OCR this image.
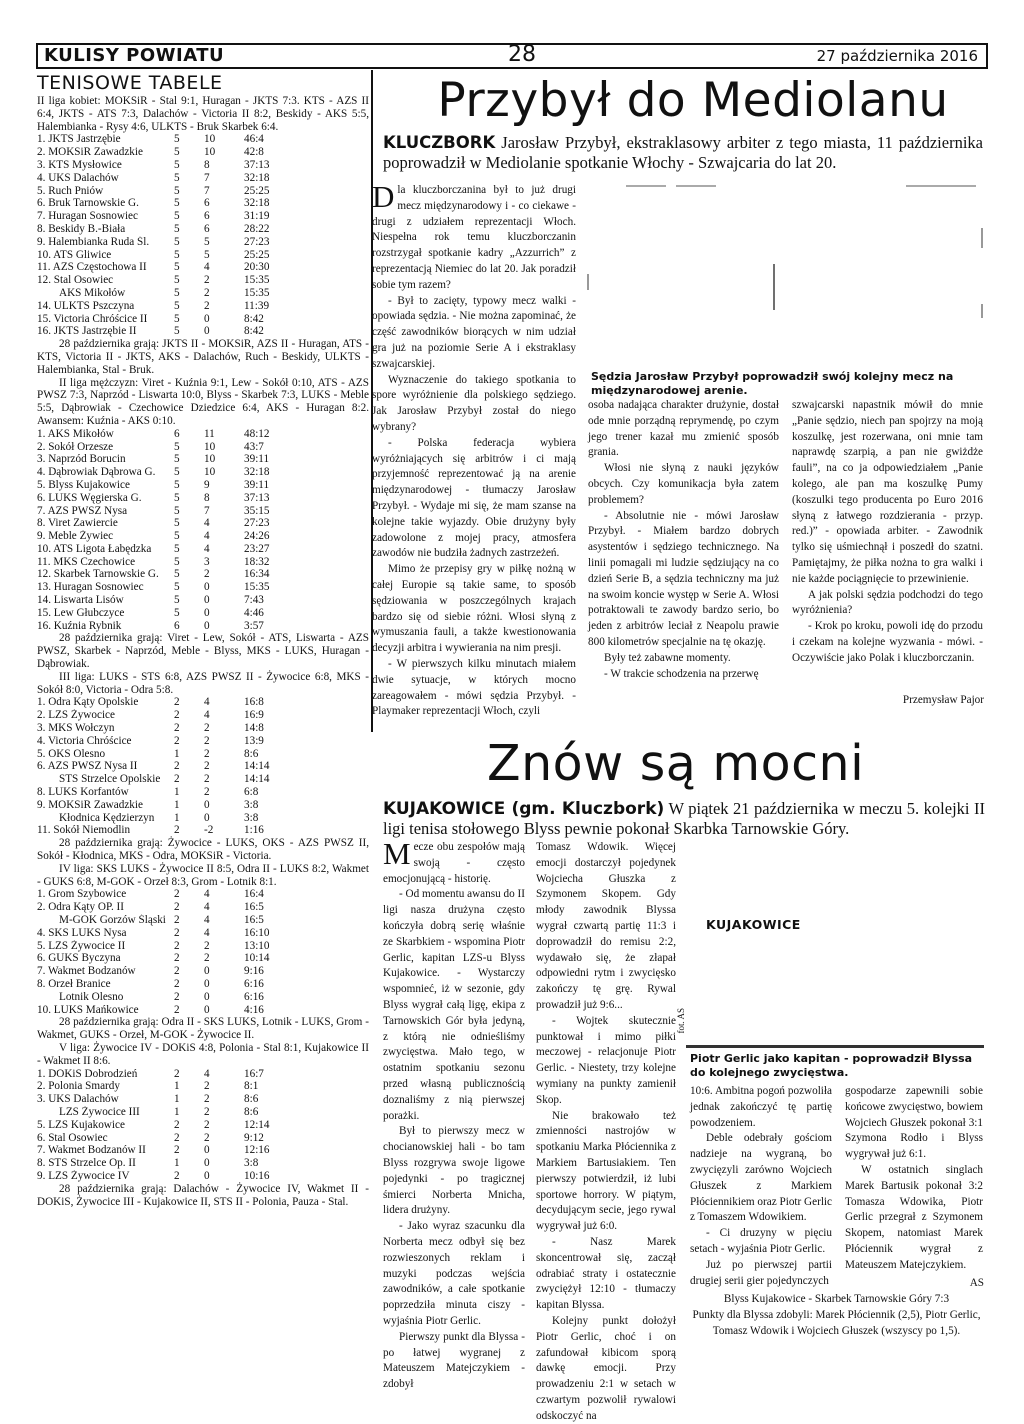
KULISY POWIATU	28	27 października 2016
TENISOWE TABELE

II liga kobiet: MOKSiR - Stal 9:1, Huragan - JKTS 7:3. KTS - AZS II 6:4, JKTS - ATS 7:3, Dalachów - Victoria II 8:2, Beskidy - AKS 5:5, Halembianka - Rysy 4:6, ULKTS - Bruk Skarbek 6:4.

1. JKTS Jastrzębie	5	10	46:4
2. MOKSiR Zawadzkie	5	10	42:8
3. KTS Mysłowice	5	8	37:13
4. UKS Dalachów	5	7	32:18
5. Ruch Pniów	5	7	25:25
6. Bruk Tarnowskie G.	5	6	32:18
7. Huragan Sosnowiec	5	6	31:19
8. Beskidy B.-Biała	5	6	28:22
9. Halembianka Ruda Śl.	5	5	27:23
10. ATS Gliwice	5	5	25:25
11. AZS Częstochowa II	5	4	20:30
12. Stal Osowiec	5	2	15:35
AKS Mikołów	5	2	15:35
14. ULKTS Pszczyna	5	2	11:39
15. Victoria Chróścice II	5	0	8:42
16. JKTS Jastrzębie II	5	0	8:42

28 października grają: JKTS II - MOKSiR, AZS II - Huragan, ATS - KTS, Victoria II - JKTS, AKS - Dalachów, Ruch - Beskidy, ULKTS - Halembianka, Stal - Bruk.

II liga mężczyzn: Viret - Kuźnia 9:1, Lew - Sokół 0:10, ATS - AZS PWSZ 7:3, Naprzód - Liswarta 10:0, Blyss - Skarbek 7:3, LUKS - Meble 5:5, Dąbrowiak - Czechowice Dziedzice 6:4, AKS - Huragan 8:2. Awansem: Kuźnia - AKS 0:10.

1. AKS Mikołów	6	11	48:12
2. Sokół Orzesze	5	10	43:7
3. Naprzód Borucin	5	10	39:11
4. Dąbrowiak Dąbrowa G.	5	10	32:18
5. Blyss Kujakowice	5	9	39:11
6. LUKS Węgierska G.	5	8	37:13
7. AZS PWSZ Nysa	5	7	35:15
8. Viret Zawiercie	5	4	27:23
9. Meble Żywiec	5	4	24:26
10. ATS Ligota Łabędzka	5	4	23:27
11. MKS Czechowice	5	3	18:32
12. Skarbek Tarnowskie G.	5	2	16:34
13. Huragan Sosnowiec	5	0	15:35
14. Liswarta Lisów	5	0	7:43
15. Lew Głubczyce	5	0	4:46
16. Kuźnia Rybnik	6	0	3:57

28 października grają: Viret - Lew, Sokół - ATS, Liswarta - AZS PWSZ, Skarbek - Naprzód, Meble - Blyss, MKS - LUKS, Huragan - Dąbrowiak.

III liga: LUKS - STS 6:8, AZS PWSZ II - Żywocice 6:8, MKS - Sokół 8:0, Victoria - Odra 5:8.

1. Odra Kąty Opolskie	2	4	16:8
2. LZS Żywocice	2	4	16:9
3. MKS Wołczyn	2	2	14:8
4. Victoria Chróścice	2	2	13:9
5. OKS Olesno	1	2	8:6
6. AZS PWSZ Nysa II	2	2	14:14
STS Strzelce Opolskie	2	2	14:14
8. LUKS Korfantów	1	2	6:8
9. MOKSiR Zawadzkie	1	0	3:8
Kłodnica Kędzierzyn	1	0	3:8
11. Sokół Niemodlin	2	-2	1:16

28 października grają: Żywocice - LUKS, OKS - AZS PWSZ II, Sokół - Kłodnica, MKS - Odra, MOKSiR - Victoria.

IV liga: SKS LUKS - Żywocice II 8:5, Odra II - LUKS 8:2, Wakmet - GUKS 6:8, M-GOK - Orzeł 8:3, Grom - Lotnik 8:1.

1. Grom Szybowice	2	4	16:4
2. Odra Kąty OP. II	2	4	16:5
M-GOK Gorzów Śląski 2	4	16:5
4. SKS LUKS Nysa	2	4	16:10
5. LZS Żywocice II	2	2	13:10
6. GUKS Byczyna	2	2	10:14
7. Wakmet Bodzanów	2	0	9:16
8. Orzeł Branice	2	0	6:16
Lotnik Olesno	2	0	6:16
10. LUKS Mańkowice	2	0	4:16

28 października grają: Odra II - SKS LUKS, Lotnik - LUKS, Grom - Wakmet, GUKS - Orzeł, M-GOK - Żywocice II.

V liga: Żywocice IV - DOKiS 4:8, Polonia - Stal 8:1, Kujakowice II - Wakmet II 8:6.

1. DOKiS Dobrodzień	2	4	16:7
2. Polonia Smardy	1	2	8:1
3. UKS Dalachów	1	2	8:6
LZS Żywocice III	1	2	8:6
5. LZS Kujakowice	2	2	12:14
6. Stal Osowiec	2	2	9:12
7. Wakmet Bodzanów II	2	0	12:16
8. STS Strzelce Op. II	1	0	3:8
9. LZS Żywocice IV	2	0	10:16

28 października grają: Dalachów - Żywocice IV, Wakmet II - DOKiS, Żywocice III - Kujakowice II, STS II - Polonia, Pauza - Stal.

Przybył do Mediolanu
KLUCZBORK Jarosław Przybył, ekstraklasowy arbiter z tego miasta, 11 października poprowadził w Mediolanie spotkanie Włochy - Szwajcaria do lat 20.

Dla kluczborczanina był to już drugi mecz międzynarodowy i - co ciekawe - drugi z udziałem reprezentacji Włoch. Niespełna rok temu kluczborczanin rozstrzygał spotkanie kadry „Azzurrich” z reprezentacją Niemiec do lat 20. Jak poradził sobie tym razem?

- Był to zacięty, typowy mecz walki - opowiada sędzia. - Nie można zapominać, że część zawodników biorących w nim udział gra już na poziomie Serie A i ekstraklasy szwajcarskiej.

Wyznaczenie do takiego spotkania to spore wyróżnienie dla polskiego sędziego. Jak Jarosław Przybył został do niego wybrany?

- Polska federacja wybiera wyróżniających się arbitrów i ci mają przyjemność reprezentować ją na arenie międzynarodowej - tłumaczy Jarosław Przybył. - Wydaje mi się, że mam szanse na kolejne takie wyjazdy. Obie drużyny były zadowolone z mojej pracy, atmosfera zawodów nie budziła żadnych zastrzeżeń.

Mimo że przepisy gry w piłkę nożną w całej Europie są takie same, to sposób sędziowania w poszczególnych krajach bardzo się od siebie różni. Włosi słyną z wymuszania fauli, a także kwestionowania decyzji arbitra i wywierania na nim presji.

- W pierwszych kilku minutach miałem dwie sytuacje, w których mocno zareagowałem - mówi sędzia Przybył. - Playmaker reprezentacji Włoch, czyli

Sędzia Jarosław Przybył poprowadził swój kolejny mecz na międzynarodowej arenie.

osoba nadająca charakter drużynie, dostał ode mnie porządną reprymendę, po czym jego trener kazał mu zmienić sposób grania.

Włosi nie słyną z nauki języków obcych. Czy komunikacja była zatem problemem?

- Absolutnie nie - mówi Jarosław Przybył. - Miałem bardzo dobrych asystentów i sędziego technicznego. Na linii pomagali mi ludzie sędziujący na co dzień Serie B, a sędzia techniczny ma już na swoim koncie występ w Serie A. Włosi potraktowali te zawody bardzo serio, bo jeden z arbitrów leciał z Neapolu prawie 800 kilometrów specjalnie na tę okazję.

Były też zabawne momenty.

- W trakcie schodzenia na przerwę

szwajcarski napastnik mówił do mnie „Panie sędzio, niech pan spojrzy na moją koszulkę, jest rozerwana, oni mnie tam naprawdę szarpią, a pan nie gwiżdże fauli”, na co ja odpowiedziałem „Panie kolego, ale pan ma koszulkę Pumy (koszulki tego producenta po Euro 2016 słyną z łatwego rozdzierania - przyp. red.)” - opowiada arbiter. - Zawodnik tylko się uśmiechnął i poszedł do szatni. Pamiętajmy, że piłka nożna to gra walki i nie każde pociągnięcie to przewinienie.

A jak polski sędzia podchodzi do tego wyróżnienia?

- Krok po kroku, powoli idę do przodu i czekam na kolejne wyzwania - mówi. - Oczywiście jako Polak i kluczborczanin.

Przemysław Pajor
Znów są mocni
KUJAKOWICE (gm. Kluczbork) W piątek 21 października w meczu 5. kolejki II ligi tenisa stołowego Blyss pewnie pokonał Skarbka Tarnowskie Góry.

Mecze obu zespołów mają swoją - często emocjonującą - historię.

- Od momentu awansu do II ligi nasza drużyna często kończyła dobrą serię właśnie ze Skarbkiem - wspomina Piotr Gerlic, kapitan LZS-u Blyss Kujakowice. - Wystarczy wspomnieć, iż w sezonie, gdy Blyss wygrał całą ligę, ekipa z Tarnowskich Gór była jedyną, z którą nie odnieśliśmy zwycięstwa. Mało tego, w ostatnim spotkaniu sezonu przed własną publicznością doznaliśmy z nią pierwszej porażki.

Był to pierwszy mecz w chocianowskiej hali - bo tam Blyss rozgrywa swoje ligowe pojedynki - po tragicznej śmierci Norberta Mnicha, lidera drużyny.

- Jako wyraz szacunku dla Norberta mecz odbył się bez rozwieszonych reklam i muzyki podczas wejścia zawodników, a całe spotkanie poprzedziła minuta ciszy - wyjaśnia Piotr Gerlic.

Pierwszy punkt dla Blyssa - po łatwej wygranej z Mateuszem Matejczykiem - zdobył

Tomasz Wdowik. Więcej emocji dostarczył pojedynek Wojciecha Głuszka z Szymonem Skopem. Gdy młody zawodnik Blyssa wygrał czwartą partię 11:3 i doprowadził do remisu 2:2, wydawało się, że złapał odpowiedni rytm i zwycięsko zakończy tę grę. Rywal prowadził już 9:6...

- Wojtek skutecznie punktował i mimo piłki meczowej - relacjonuje Piotr Gerlic. - Niestety, trzy kolejne wymiany na punkty zamienił Skop.

Nie brakowało też zmienności nastrojów w spotkaniu Marka Płóciennika z Markiem Bartusiakiem. Ten pierwszy potwierdził, iż lubi sportowe horrory. W piątym, decydującym secie, jego rywal wygrywał już 6:0.

- Nasz Marek skoncentrował się, zaczął odrabiać straty i ostatecznie zwyciężył 12:10 - tłumaczy kapitan Blyssa.

Kolejny punkt dołożył Piotr Gerlic, choć i on zafundował kibicom sporą dawkę emocji. Przy prowadzeniu 2:1 w setach w czwartym pozwolił rywalowi odskoczyć na

KUJAKOWICE
fot. AS
Piotr Gerlic jako kapitan - poprowadził Blyssa do kolejnego zwycięstwa.

10:6. Ambitna pogoń pozwoliła jednak zakończyć tę partię powodzeniem.

Deble odebrały gościom nadzieje na wygraną, bo zwycięzyli zarówno Wojciech Głuszek z Markiem Płóciennikiem oraz Piotr Gerlic z Tomaszem Wdowikiem.

- Ci druzyny w pięciu setach - wyjaśnia Piotr Gerlic.

Już po pierwszej partii drugiej serii gier pojedynczych

gospodarze zapewnili sobie końcowe zwycięstwo, bowiem Wojciech Głuszek pokonał 3:1 Szymona Rodło i Blyss wygrywał już 6:1.

W ostatnich singlach Marek Bartusik pokonał 3:2 Tomasza Wdowika, Piotr Gerlic przegrał z Szymonem Skopem, natomiast Marek Płóciennik wygrał z Mateuszem Matejczykiem.

AS

Blyss Kujakowice - Skarbek Tarnowskie Góry 7:3

Punkty dla Blyssa zdobyli: Marek Płóciennik (2,5), Piotr Gerlic, Tomasz Wdowik i Wojciech Głuszek (wszyscy po 1,5).
